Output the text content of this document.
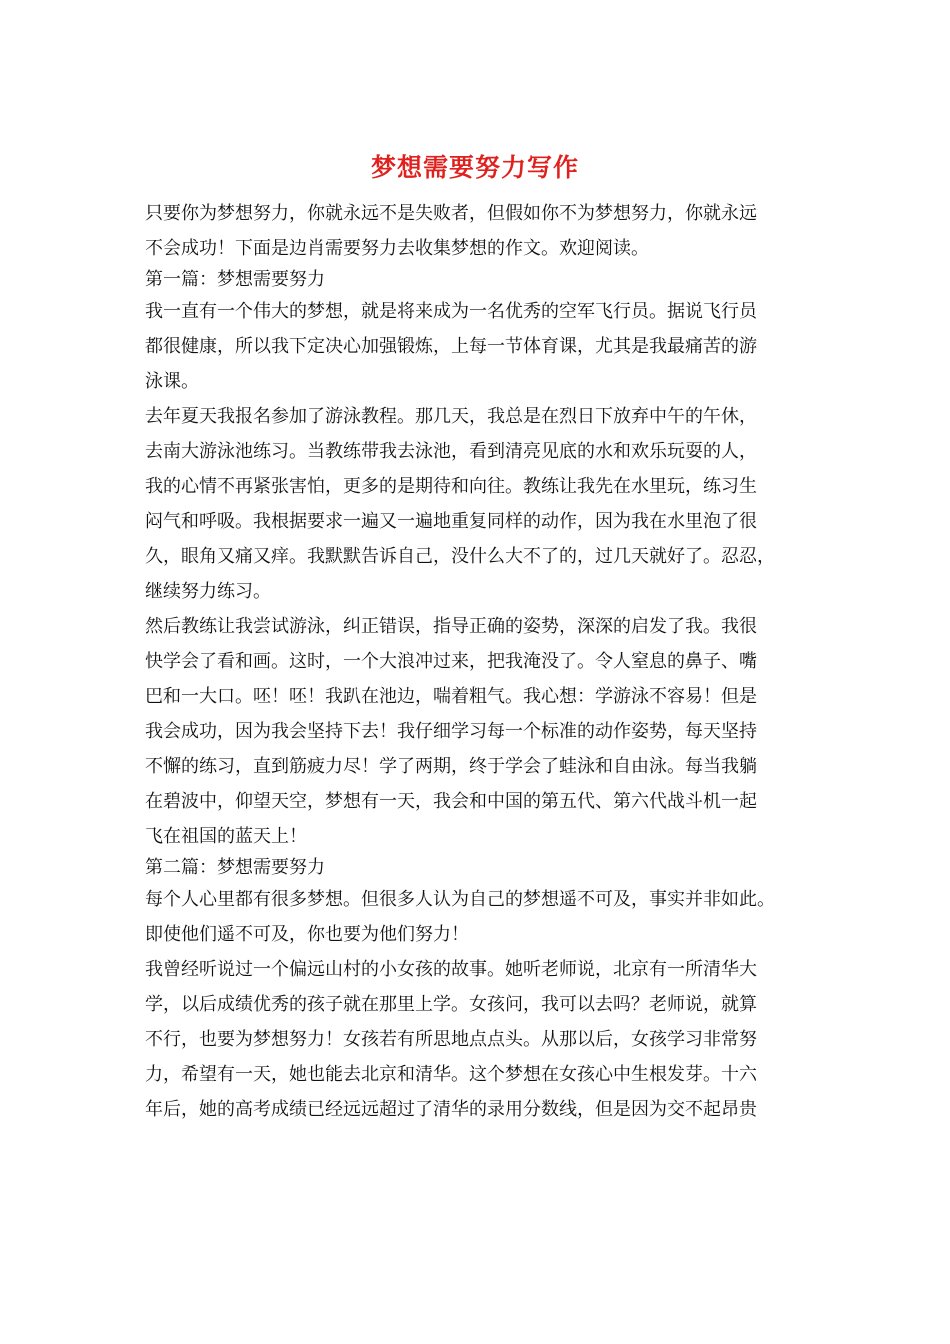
梦想需要努力写作
只要你为梦想努力，你就永远不是失败者，但假如你不为梦想努力，你就永远
不会成功！下面是边肖需要努力去收集梦想的作文。欢迎阅读。
第一篇：梦想需要努力
我一直有一个伟大的梦想，就是将来成为一名优秀的空军飞行员。据说飞行员
都很健康，所以我下定决心加强锻炼，上每一节体育课，尤其是我最痛苦的游
泳课。
去年夏天我报名参加了游泳教程。那几天，我总是在烈日下放弃中午的午休，
去南大游泳池练习。当教练带我去泳池，看到清亮见底的水和欢乐玩耍的人，
我的心情不再紧张害怕，更多的是期待和向往。教练让我先在水里玩，练习生
闷气和呼吸。我根据要求一遍又一遍地重复同样的动作，因为我在水里泡了很
久，眼角又痛又痒。我默默告诉自己，没什么大不了的，过几天就好了。忍忍，
继续努力练习。
然后教练让我尝试游泳，纠正错误，指导正确的姿势，深深的启发了我。我很
快学会了看和画。这时，一个大浪冲过来，把我淹没了。令人窒息的鼻子、嘴
巴和一大口。呸！呸！我趴在池边，喘着粗气。我心想：学游泳不容易！但是
我会成功，因为我会坚持下去！我仔细学习每一个标准的动作姿势，每天坚持
不懈的练习，直到筋疲力尽！学了两期，终于学会了蛙泳和自由泳。每当我躺
在碧波中，仰望天空，梦想有一天，我会和中国的第五代、第六代战斗机一起
飞在祖国的蓝天上！
第二篇：梦想需要努力
每个人心里都有很多梦想。但很多人认为自己的梦想遥不可及，事实并非如此。
即使他们遥不可及，你也要为他们努力！
我曾经听说过一个偏远山村的小女孩的故事。她听老师说，北京有一所清华大
学，以后成绩优秀的孩子就在那里上学。女孩问，我可以去吗？老师说，就算
不行，也要为梦想努力！女孩若有所思地点点头。从那以后，女孩学习非常努
力，希望有一天，她也能去北京和清华。这个梦想在女孩心中生根发芽。十六
年后，她的高考成绩已经远远超过了清华的录用分数线，但是因为交不起昂贵
